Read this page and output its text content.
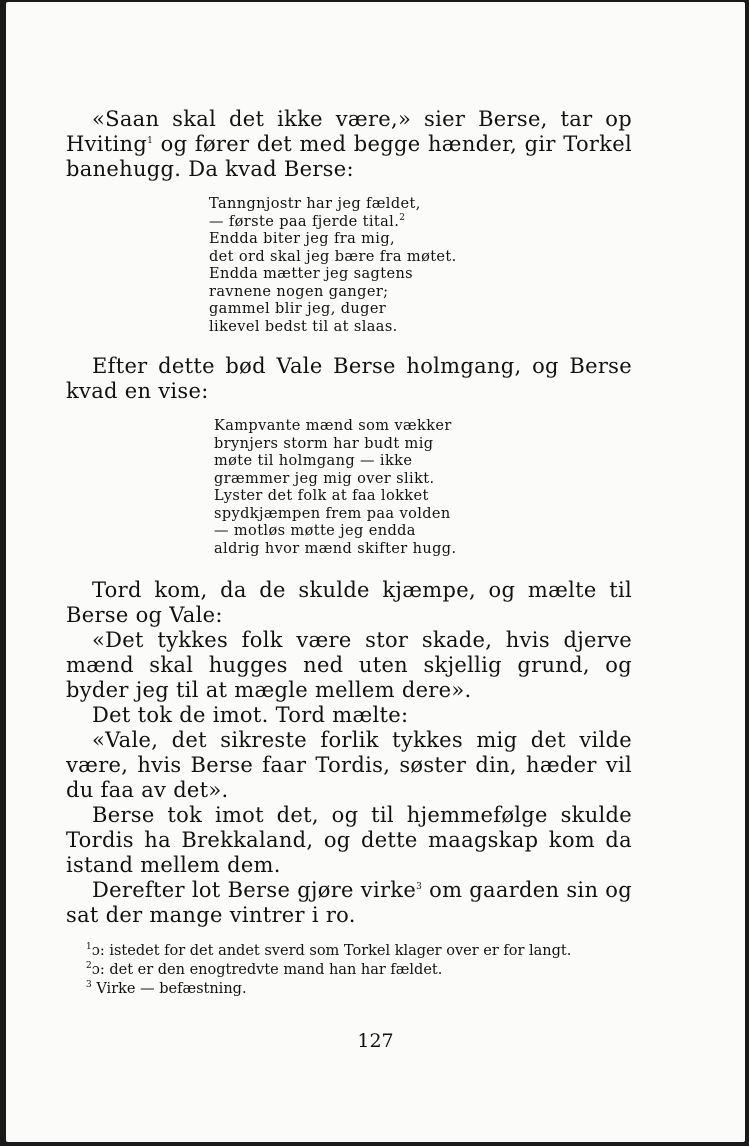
«Saan skal det ikke være,» sier Berse, tar op Hviting$^1$ og fører det med begge hænder, gir Torkel banehugg. Da kvad Berse:

Tanngnjostr har jeg fældet,
— første paa fjerde tital.$^2$
Endda biter jeg fra mig,
det ord skal jeg bære fra møtet.
Endda mætter jeg sagtens
ravnene nogen ganger;
gammel blir jeg, duger
likevel bedst til at slaas.

Efter dette bød Vale Berse holmgang, og Berse kvad en vise:

Kampvante mænd som vækker
brynjers storm har budt mig
møte til holmgang — ikke
græmmer jeg mig over slikt.
Lyster det folk at faa lokket
spydkjæmpen frem paa volden
— motløs møtte jeg endda
aldrig hvor mænd skifter hugg.

Tord kom, da de skulde kjæmpe, og mælte til Berse og Vale:

«Det tykkes folk være stor skade, hvis djerve mænd skal hugges ned uten skjellig grund, og byder jeg til at mægle mellem dere».

Det tok de imot. Tord mælte:

«Vale, det sikreste forlik tykkes mig det vilde være, hvis Berse faar Tordis, søster din, hæder vil du faa av det».

Berse tok imot det, og til hjemmefølge skulde Tordis ha Brekkaland, og dette maagskap kom da istand mellem dem.

Derefter lot Berse gjøre virke$^3$ om gaarden sin og sat der mange vintrer i ro.

$^1$ɔ: istedet for det andet sverd som Torkel klager over er for langt.
$^2$ɔ: det er den enogtredvte mand han har fældet.
$^3$ Virke — befæstning.
127
